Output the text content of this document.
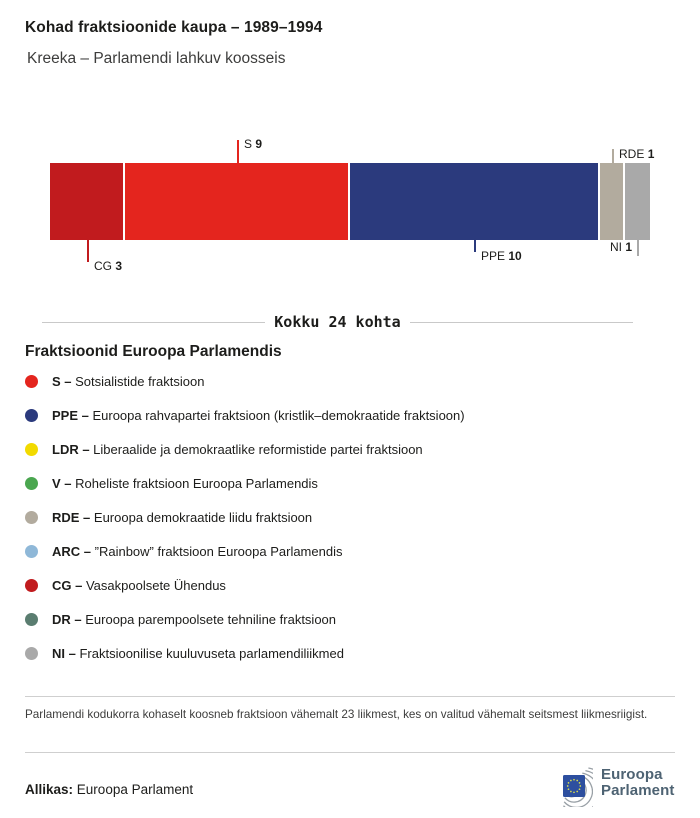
Kohad fraktsioonide kaupa – 1989–1994
Kreeka – Parlamendi lahkuv koosseis
CG 3
S 9
PPE 10
RDE 1
NI 1
Kokku 24 kohta
Fraktsioonid Euroopa Parlamendis
S – Sotsialistide fraktsioon
PPE – Euroopa rahvapartei fraktsioon (kristlik–demokraatide fraktsioon)
LDR – Liberaalide ja demokraatlike reformistide partei fraktsioon
V – Roheliste fraktsioon Euroopa Parlamendis
RDE – Euroopa demokraatide liidu fraktsioon
ARC – ”Rainbow” fraktsioon Euroopa Parlamendis
CG – Vasakpoolsete Ühendus
DR – Euroopa parempoolsete tehniline fraktsioon
NI – Fraktsioonilise kuuluvuseta parlamendiliikmed
Parlamendi kodukorra kohaselt koosneb fraktsioon vähemalt 23 liikmest, kes on valitud vähemalt seitsmest liikmesriigist.
Allikas: Euroopa Parlament
Euroopa
Parlament
